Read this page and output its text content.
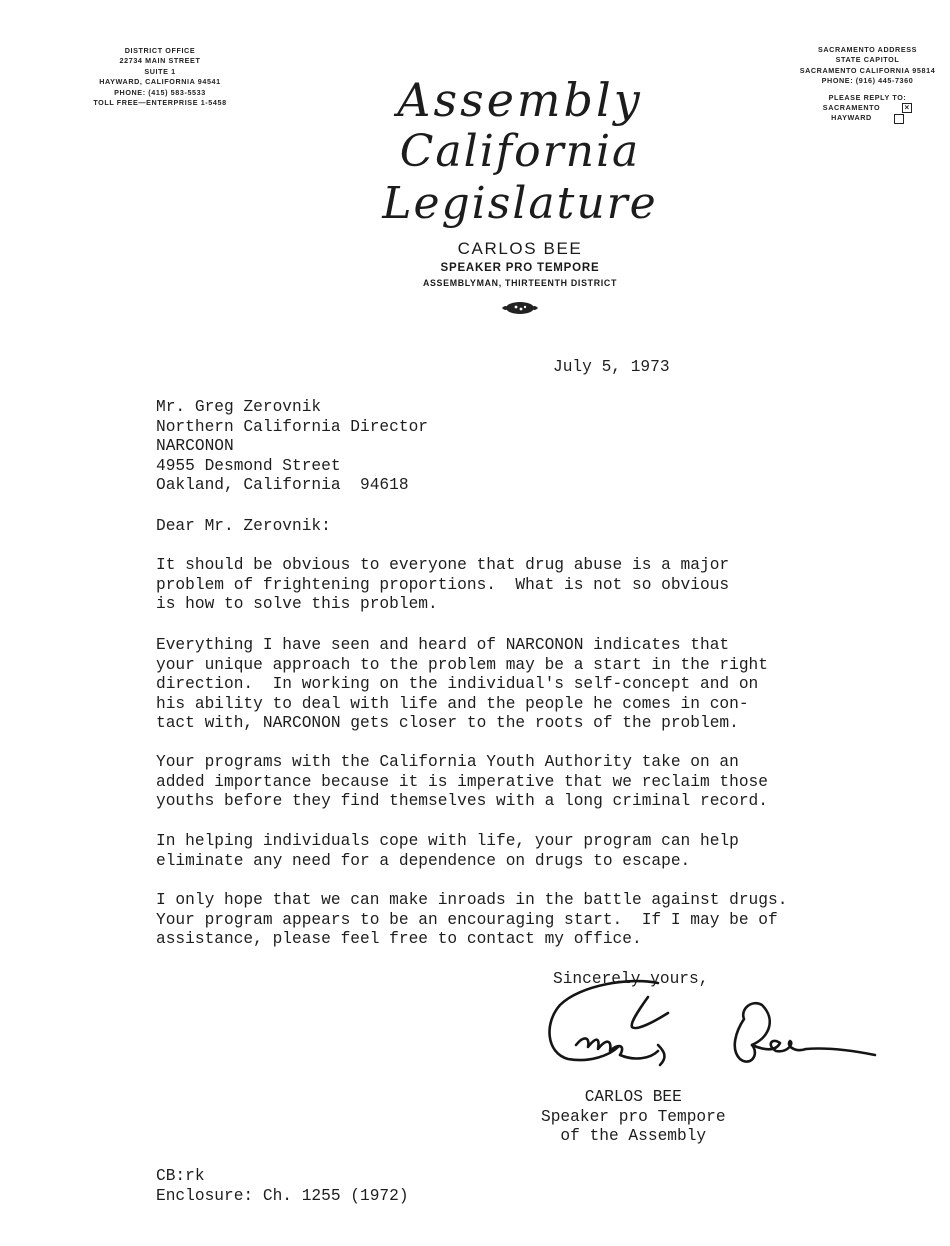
DISTRICT OFFICE
22734 MAIN STREET
SUITE 1
HAYWARD, CALIFORNIA 94541
PHONE: (415) 583-5533
TOLL FREE—ENTERPRISE 1-5458
SACRAMENTO ADDRESS
STATE CAPITOL
SACRAMENTO CALIFORNIA 95814
PHONE: (916) 445-7360
PLEASE REPLY TO:
SACRAMENTO	×
HAYWARD
Assembly
California Legislature
CARLOS BEE
SPEAKER PRO TEMPORE
ASSEMBLYMAN, THIRTEENTH DISTRICT
July 5, 1973
Mr. Greg Zerovnik
Northern California Director
NARCONON
4955 Desmond Street
Oakland, California  94618
Dear Mr. Zerovnik:
It should be obvious to everyone that drug abuse is a major
problem of frightening proportions.  What is not so obvious
is how to solve this problem.
Everything I have seen and heard of NARCONON indicates that
your unique approach to the problem may be a start in the right
direction.  In working on the individual's self-concept and on
his ability to deal with life and the people he comes in con-
tact with, NARCONON gets closer to the roots of the problem.
Your programs with the California Youth Authority take on an
added importance because it is imperative that we reclaim those
youths before they find themselves with a long criminal record.
In helping individuals cope with life, your program can help
eliminate any need for a dependence on drugs to escape.
I only hope that we can make inroads in the battle against drugs.
Your program appears to be an encouraging start.  If I may be of
assistance, please feel free to contact my office.
Sincerely yours,
CARLOS BEE
Speaker pro Tempore
of the Assembly
CB:rk
Enclosure: Ch. 1255 (1972)
